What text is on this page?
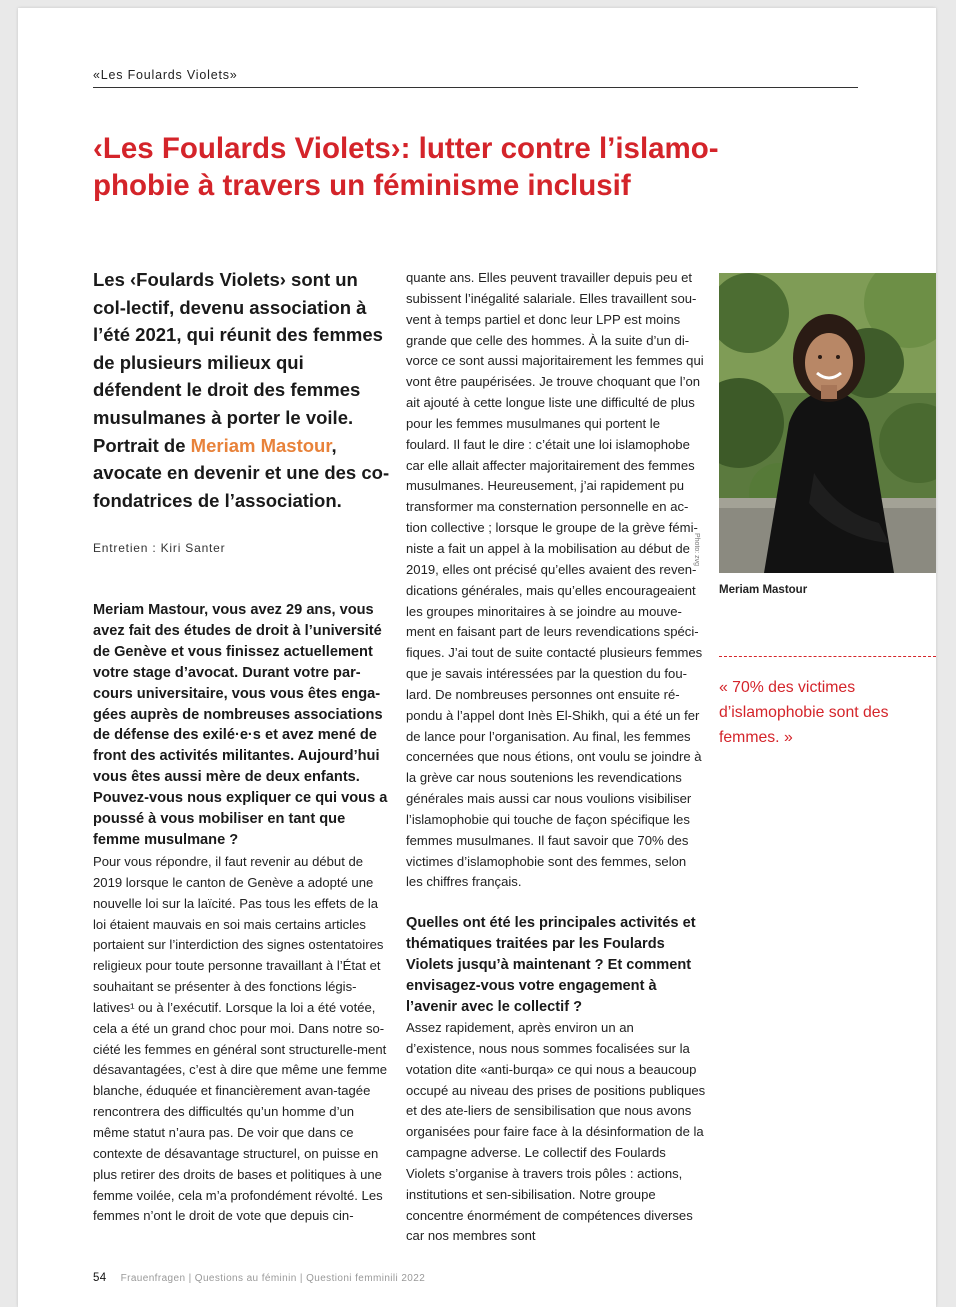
«Les Foulards Violets»
‹Les Foulards Violets›: lutter contre l’islamo-phobie à travers un féminisme inclusif

Les ‹Foulards Violets› sont un col-lectif, devenu association à l’été 2021, qui réunit des femmes de plusieurs milieux qui défendent le droit des femmes musulmanes à porter le voile. Portrait de Meriam Mastour, avocate en devenir et une des co-fondatrices de l’association.

Entretien : Kiri Santer

Meriam Mastour, vous avez 29 ans, vous avez fait des études de droit à l’université de Genève et vous finissez actuellement votre stage d’avocat. Durant votre par-cours universitaire, vous vous êtes enga-gées auprès de nombreuses associations de défense des exilé·e·s et avez mené de front des activités militantes. Aujourd’hui vous êtes aussi mère de deux enfants. Pouvez-vous nous expliquer ce qui vous a poussé à vous mobiliser en tant que femme musulmane ?

Pour vous répondre, il faut revenir au début de 2019 lorsque le canton de Genève a adopté une nouvelle loi sur la laïcité. Pas tous les effets de la loi étaient mauvais en soi mais certains articles portaient sur l’interdiction des signes ostentatoires religieux pour toute personne travaillant à l’État et souhaitant se présenter à des fonctions légis-latives¹ ou à l’exécutif. Lorsque la loi a été votée, cela a été un grand choc pour moi. Dans notre so-ciété les femmes en général sont structurelle-ment désavantagées, c’est à dire que même une femme blanche, éduquée et financièrement avan-tagée rencontrera des difficultés qu’un homme d’un même statut n’aura pas. De voir que dans ce contexte de désavantage structurel, on puisse en plus retirer des droits de bases et politiques à une femme voilée, cela m’a profondément révolté. Les femmes n’ont le droit de vote que depuis cin-

quante ans. Elles peuvent travailler depuis peu et subissent l’inégalité salariale. Elles travaillent sou-vent à temps partiel et donc leur LPP est moins grande que celle des hommes. À la suite d’un di-vorce ce sont aussi majoritairement les femmes qui vont être paupérisées. Je trouve choquant que l’on ait ajouté à cette longue liste une difficulté de plus pour les femmes musulmanes qui portent le foulard. Il faut le dire : c’était une loi islamophobe car elle allait affecter majoritairement des femmes musulmanes. Heureusement, j’ai rapidement pu transformer ma consternation personnelle en ac-tion collective ; lorsque le groupe de la grève fémi-niste a fait un appel à la mobilisation au début de 2019, elles ont précisé qu’elles avaient des reven-dications générales, mais qu’elles encourageaient les groupes minoritaires à se joindre au mouve-ment en faisant part de leurs revendications spéci-fiques. J’ai tout de suite contacté plusieurs femmes que je savais intéressées par la question du fou-lard. De nombreuses personnes ont ensuite ré-pondu à l’appel dont Inès El-Shikh, qui a été un fer de lance pour l’organisation. Au final, les femmes concernées que nous étions, ont voulu se joindre à la grève car nous soutenions les revendications générales mais aussi car nous voulions visibiliser l’islamophobie qui touche de façon spécifique les femmes musulmanes. Il faut savoir que 70% des victimes d’islamophobie sont des femmes, selon les chiffres français.

Quelles ont été les principales activités et thématiques traitées par les Foulards Violets jusqu’à maintenant ? Et comment envisagez-vous votre engagement à l’avenir avec le collectif ?

Assez rapidement, après environ un an d’existence, nous nous sommes focalisées sur la votation dite «anti-burqa» ce qui nous a beaucoup occupé au niveau des prises de positions publiques et des ate-liers de sensibilisation que nous avons organisées pour faire face à la désinformation de la campagne adverse. Le collectif des Foulards Violets s’organise à travers trois pôles : actions, institutions et sen-sibilisation. Notre groupe concentre énormément de compétences diverses car nos membres sont

Photo: zvg
Meriam Mastour

« 70% des victimes d’islamophobie sont des femmes. »

54 Frauenfragen | Questions au féminin | Questioni femminili 2022
